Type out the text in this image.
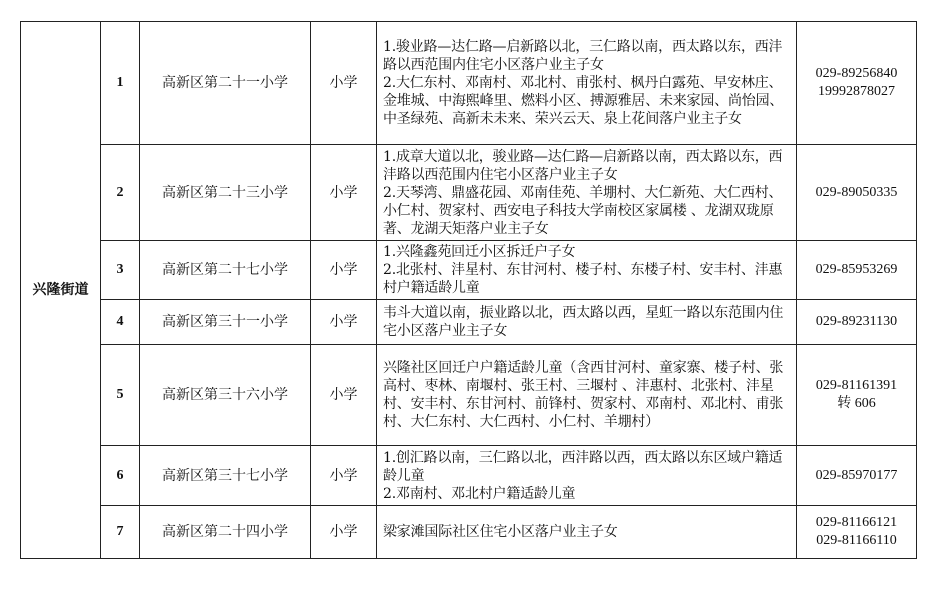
兴隆街道	1	高新区第二十一小学	小学	1.骏业路—达仁路—启新路以北，三仁路以南，西太路以东，西沣路以西范围内住宅小区落户业主子女
2.大仁东村、邓南村、邓北村、甫张村、枫丹白露苑、早安林庄、金堆城、中海熙峰里、燃料小区、搏源雅居、未来家园、尚怡园、中圣绿苑、高新未未来、荣兴云天、泉上花间落户业主子女	029-89256840
19992878027

	2	高新区第二十三小学	小学	1.成章大道以北，骏业路—达仁路—启新路以南，西太路以东，西沣路以西范围内住宅小区落户业主子女
2.天琴湾、鼎盛花园、邓南佳苑、羊堋村、大仁新苑、大仁西村、小仁村、贺家村、西安电子科技大学南校区家属楼 、龙湖双珑原著、龙湖天矩落户业主子女	029-89050335

	3	高新区第二十七小学	小学	1.兴隆鑫苑回迁小区拆迁户子女
2.北张村、沣星村、东甘河村、楼子村、东楼子村、安丰村、沣惠村户籍适龄儿童	029-85953269

	4	高新区第三十一小学	小学	韦斗大道以南，振业路以北，西太路以西，星虹一路以东范围内住宅小区落户业主子女	029-89231130

	5	高新区第三十六小学	小学	兴隆社区回迁户户籍适龄儿童（含西甘河村、童家寨、楼子村、张高村、枣林、南堰村、张王村、三堰村 、沣惠村、北张村、沣星村、安丰村、东甘河村、前锋村、贺家村、邓南村、邓北村、甫张村、大仁东村、大仁西村、小仁村、羊堋村）	029-81161391
转 606

	6	高新区第三十七小学	小学	1.创汇路以南，三仁路以北，西沣路以西，西太路以东区域户籍适龄儿童
2.邓南村、邓北村户籍适龄儿童	029-85970177

	7	高新区第二十四小学	小学	梁家滩国际社区住宅小区落户业主子女	029-81166121
029-81166110
